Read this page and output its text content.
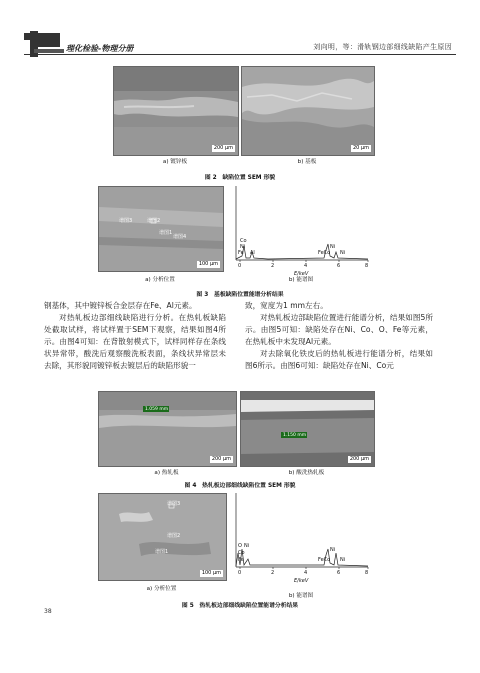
理化检验-物理分册	刘向明，等：滑轨钢边部细线缺陷产生原因
200 μm	20 μm
a) 镀锌板	b) 基板
图 2　缺陷位置 SEM 形貌
谱图3	谱图2
谱图1
谱图4
100 μm
Co
Ni
Fe Al	FeCo
Ni
Ni
0	2	4	6	8
E/keV
a) 分析位置	b) 能谱图
图 3　基板缺陷位置能谱分析结果

钢基体，其中镀锌板合金层存在Fe、Al元素。

对热轧板边部细线缺陷进行分析。在热轧板缺陷处截取试样，将试样置于SEM下观察，结果如图4所示。由图4可知：在背散射模式下，试样同样存在条线状异常带，酸洗后观察酸洗板表面，条线状异常层未去除，其形貌同镀锌板去镀层后的缺陷形貌一

致，宽度为1 mm左右。

对热轧板边部缺陷位置进行能谱分析，结果如图5所示。由图5可知：缺陷处存在Ni、Co、O、Fe等元素，在热轧板中未发现Al元素。

对去除氧化铁皮后的热轧板进行能谱分析，结果如图6所示。由图6可知：缺陷处存在Ni、Co元

1.059 mm
200 μm
1.150 mm
200 μm
a) 热轧板	b) 酸洗热轧板
图 4　热轧板边部细线缺陷位置 SEM 形貌
谱图3
谱图2
谱图1
100 μm
O Ni
Co
Fe	FeCo
Ni
Ni
0	2	4	6	8
E/keV
a) 分析位置
b) 能谱图
图 5　热轧板边部细线缺陷位置能谱分析结果
38
